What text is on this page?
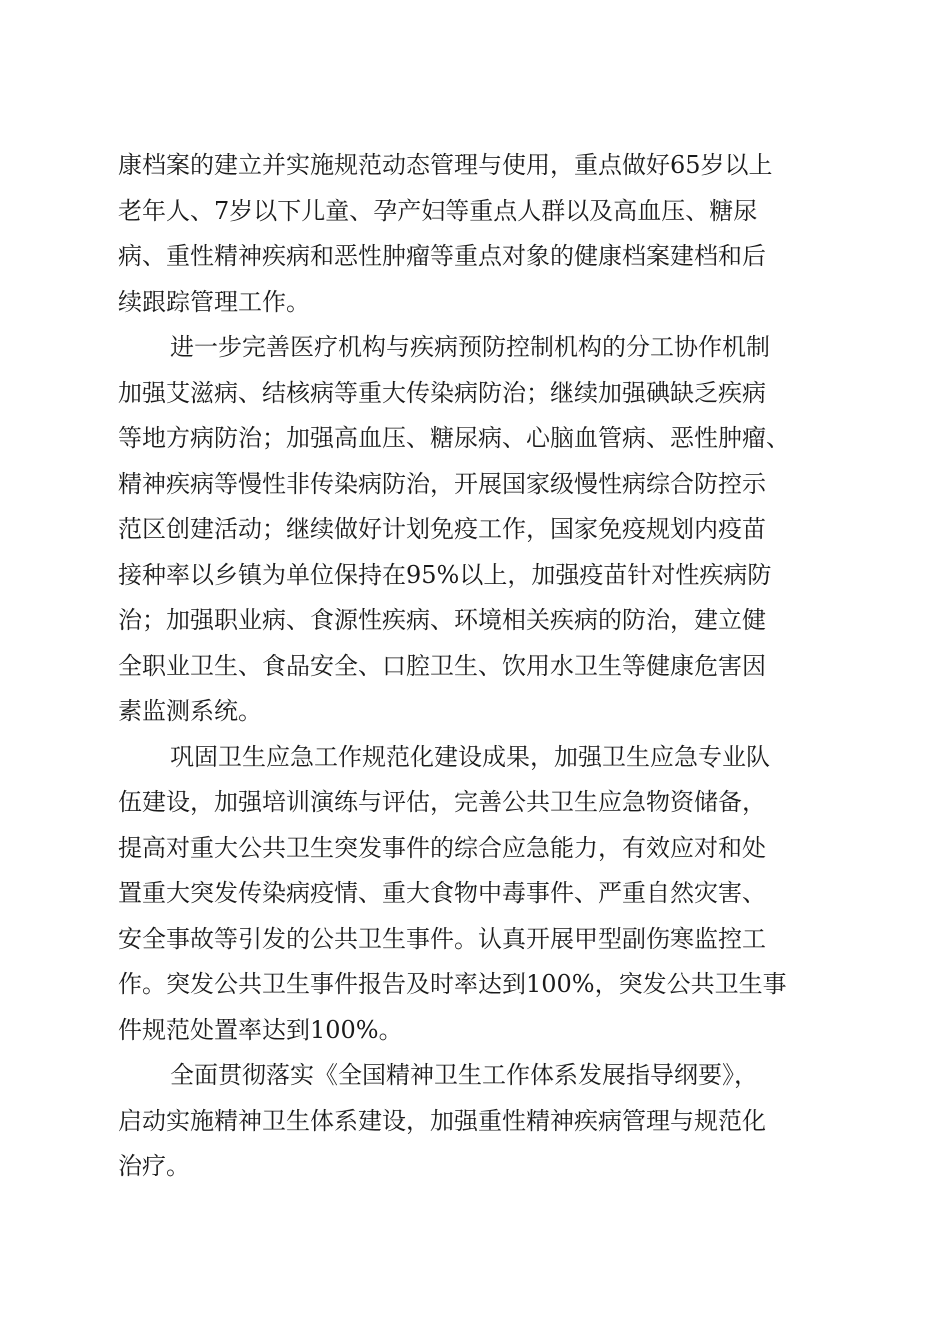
康档案的建立并实施规范动态管理与使用，重点做好65岁以上
老年人、7岁以下儿童、孕产妇等重点人群以及高血压、糖尿
病、重性精神疾病和恶性肿瘤等重点对象的健康档案建档和后
续跟踪管理工作。
进一步完善医疗机构与疾病预防控制机构的分工协作机制
加强艾滋病、结核病等重大传染病防治；继续加强碘缺乏疾病
等地方病防治；加强高血压、糖尿病、心脑血管病、恶性肿瘤、
精神疾病等慢性非传染病防治，开展国家级慢性病综合防控示
范区创建活动；继续做好计划免疫工作，国家免疫规划内疫苗
接种率以乡镇为单位保持在95%以上，加强疫苗针对性疾病防
治；加强职业病、食源性疾病、环境相关疾病的防治，建立健
全职业卫生、食品安全、口腔卫生、饮用水卫生等健康危害因
素监测系统。
巩固卫生应急工作规范化建设成果，加强卫生应急专业队
伍建设，加强培训演练与评估，完善公共卫生应急物资储备，
提高对重大公共卫生突发事件的综合应急能力，有效应对和处
置重大突发传染病疫情、重大食物中毒事件、严重自然灾害、
安全事故等引发的公共卫生事件。认真开展甲型副伤寒监控工
作。突发公共卫生事件报告及时率达到100%，突发公共卫生事
件规范处置率达到100%。
全面贯彻落实《全国精神卫生工作体系发展指导纲要》，
启动实施精神卫生体系建设，加强重性精神疾病管理与规范化
治疗。
